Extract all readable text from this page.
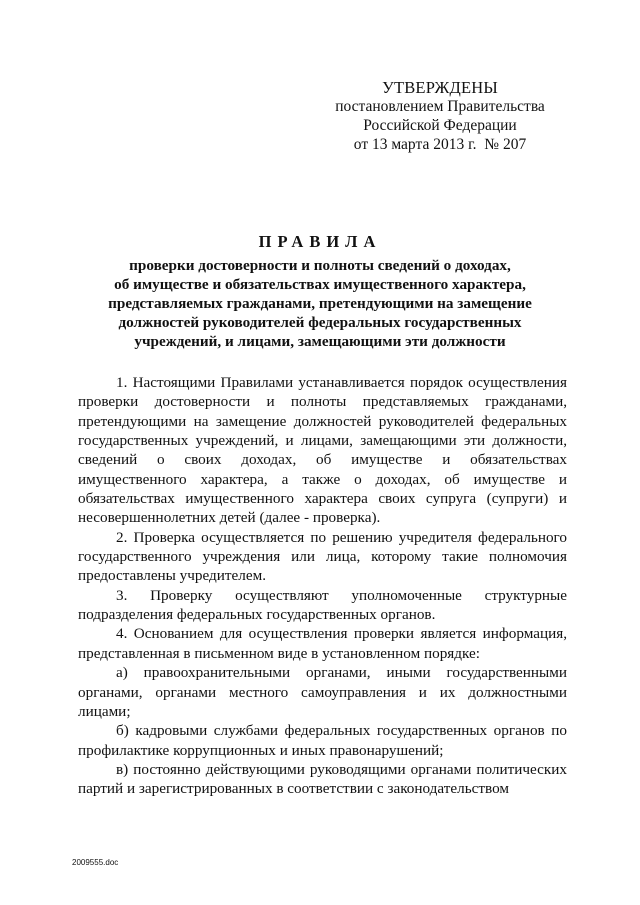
УТВЕРЖДЕНЫ
постановлением Правительства
Российской Федерации
от 13 марта 2013 г.  № 207
ПРАВИЛА
проверки достоверности и полноты сведений о доходах,
об имуществе и обязательствах имущественного характера,
представляемых гражданами, претендующими на замещение
должностей руководителей федеральных государственных
учреждений, и лицами, замещающими эти должности

1. Настоящими Правилами устанавливается порядок осуществления проверки достоверности и полноты представляемых гражданами, претендующими на замещение должностей руководителей федеральных государственных учреждений, и лицами, замещающими эти должности, сведений о своих доходах, об имуществе и обязательствах имущественного характера, а также о доходах, об имуществе и обязательствах имущественного характера своих супруга (супруги) и несовершеннолетних детей (далее - проверка).

2. Проверка осуществляется по решению учредителя федерального государственного учреждения или лица, которому такие полномочия предоставлены учредителем.

3. Проверку осуществляют уполномоченные структурные подразделения федеральных государственных органов.

4. Основанием для осуществления проверки является информация, представленная в письменном виде в установленном порядке:

а) правоохранительными органами, иными государственными органами, органами местного самоуправления и их должностными лицами;

б) кадровыми службами федеральных государственных органов по профилактике коррупционных и иных правонарушений;

в) постоянно действующими руководящими органами политических партий и зарегистрированных в соответствии с законодательством

2009555.doc
